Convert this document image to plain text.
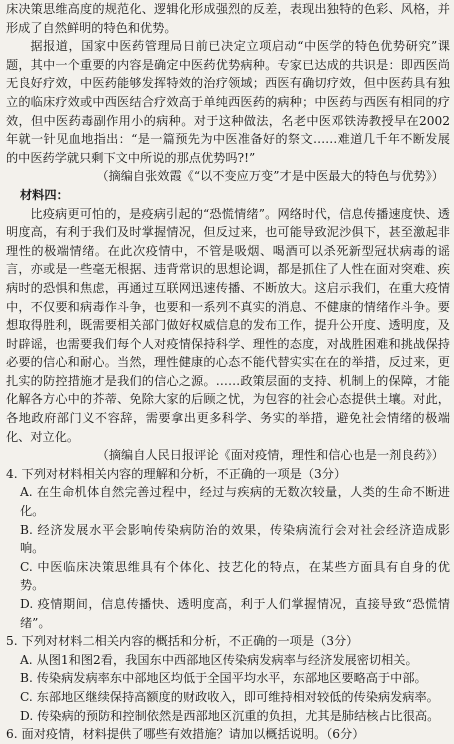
床决策思维高度的规范化、逻辑化形成强烈的反差，表现出独特的色彩、风格，并形成了自然鲜明的特色和优势。

据报道，国家中医药管理局日前已决定立项启动“中医学的特色优势研究”课题，其中一个重要的内容是确定中医药优势病种。专家已达成的共识是：即西医尚无良好疗效，中医药能够发挥特效的治疗领域；西医有确切疗效，但中医药具有独立的临床疗效或中西医结合疗效高于单纯西医药的病种；中医药与西医有相同的疗效，但中医药毒副作用小的病种。对于这种做法，名老中医邓铁涛教授早在2002年就一针见血地指出：“是一篇预先为中医准备好的祭文……难道几千年不断发展的中医药学就只剩下文中所说的那点优势吗?!”

（摘编自张效霞《“以不变应万变”才是中医最大的特色与优势》）

材料四：

比疫病更可怕的，是疫病引起的“恐慌情绪”。网络时代，信息传播速度快、透明度高，有利于我们及时掌握情况，但反过来，也可能导致泥沙俱下，甚至激起非理性的极端情绪。在此次疫情中，不管是吸烟、喝酒可以杀死新型冠状病毒的谣言，亦或是一些毫无根据、违背常识的思想论调，都是抓住了人性在面对突难、疾病时的恐惧和焦虑，再通过互联网迅速传播、不断放大。这启示我们，在重大疫情中，不仅要和病毒作斗争，也要和一系列不真实的消息、不健康的情绪作斗争。要想取得胜利，既需要相关部门做好权威信息的发布工作，提升公开度、透明度，及时辟谣，也需要我们每个人对疫情保持科学、理性的态度，对战胜困难和挑战保持必要的信心和耐心。当然，理性健康的心态不能代替实实在在的举措，反过来，更扎实的防控措施才是我们的信心之源。……政策层面的支持、机制上的保障，才能化解各方心中的芥蒂、免除大家的后顾之忧，为包容的社会心态提供土壤。对此，各地政府部门义不容辞，需要拿出更多科学、务实的举措，避免社会情绪的极端化、对立化。

（摘编自人民日报评论《面对疫情，理性和信心也是一剂良药》）

4. 下列对材料相关内容的理解和分析，不正确的一项是（3分）

A. 在生命机体自然完善过程中，经过与疾病的无数次较量，人类的生命不断进化。

B. 经济发展水平会影响传染病防治的效果，传染病流行会对社会经济造成影响。

C. 中医临床决策思维具有个体化、技艺化的特点，在某些方面具有自身的优势。

D. 疫情期间，信息传播快、透明度高，利于人们掌握情况，直接导致“恐慌情绪”。

5. 下列对材料二相关内容的概括和分析，不正确的一项是（3分）

A. 从图1和图2看，我国东中西部地区传染病发病率与经济发展密切相关。

B. 传染病发病率东中部地区均低于全国平均水平，东部地区要略高于中部。

C. 东部地区继续保持高额度的财政收入，即可维持相对较低的传染病发病率。

D. 传染病的预防和控制依然是西部地区沉重的负担，尤其是肺结核占比很高。

6. 面对疫情，材料提供了哪些有效措施？请加以概括说明。（6分）
